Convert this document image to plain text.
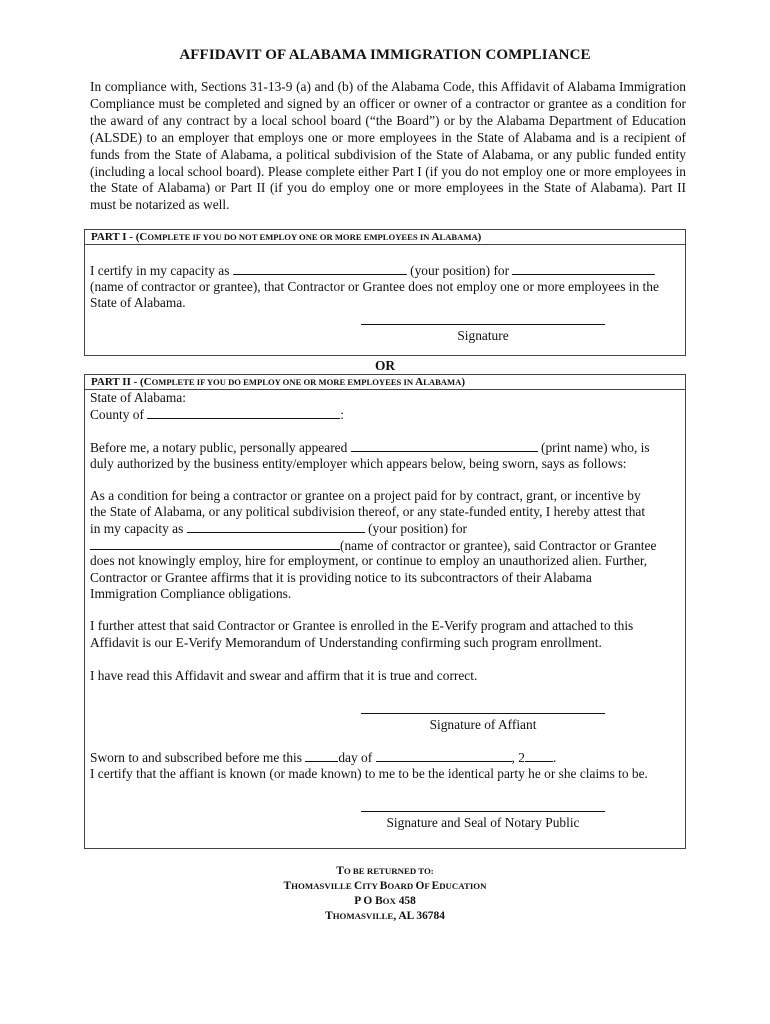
AFFIDAVIT OF ALABAMA IMMIGRATION COMPLIANCE
In compliance with, Sections 31-13-9 (a) and (b) of the Alabama Code, this Affidavit of Alabama Immigration Compliance must be completed and signed by an officer or owner of a contractor or grantee as a condition for the award of any contract by a local school board (“the Board”) or by the Alabama Department of Education (ALSDE) to an employer that employs one or more employees in the State of Alabama and is a recipient of funds from the State of Alabama, a political subdivision of the State of Alabama, or any public funded entity (including a local school board). Please complete either Part I (if you do not employ one or more employees in the State of Alabama) or Part II (if you do employ one or more employees in the State of Alabama). Part II must be notarized as well.
PART I - (COMPLETE IF YOU DO NOT EMPLOY ONE OR MORE EMPLOYEES IN ALABAMA)
I certify in my capacity as	(your position) for
(name of contractor or grantee), that Contractor or Grantee does not employ one or more employees in the
State of Alabama.
Signature
OR
PART II - (COMPLETE IF YOU DO EMPLOY ONE OR MORE EMPLOYEES IN ALABAMA)
State of Alabama:
County of	:
Before me, a notary public, personally appeared	(print name) who, is
duly authorized by the business entity/employer which appears below, being sworn, says as follows:
As a condition for being a contractor or grantee on a project paid for by contract, grant, or incentive by
the State of Alabama, or any political subdivision thereof, or any state-funded entity, I hereby attest that
in my capacity as	(your position) for
(name of contractor or grantee), said Contractor or Grantee
does not knowingly employ, hire for employment, or continue to employ an unauthorized alien. Further,
Contractor or Grantee affirms that it is providing notice to its subcontractors of their Alabama
Immigration Compliance obligations.
I further attest that said Contractor or Grantee is enrolled in the E-Verify program and attached to this
Affidavit is our E-Verify Memorandum of Understanding confirming such program enrollment.
I have read this Affidavit and swear and affirm that it is true and correct.
Signature of Affiant
Sworn to and subscribed before me this	day of	, 2 .
I certify that the affiant is known (or made known) to me to be the identical party he or she claims to be.
Signature and Seal of Notary Public
TO BE RETURNED TO:
THOMASVILLE CITY BOARD OF EDUCATION
P O BOX 458
THOMASVILLE, AL 36784
